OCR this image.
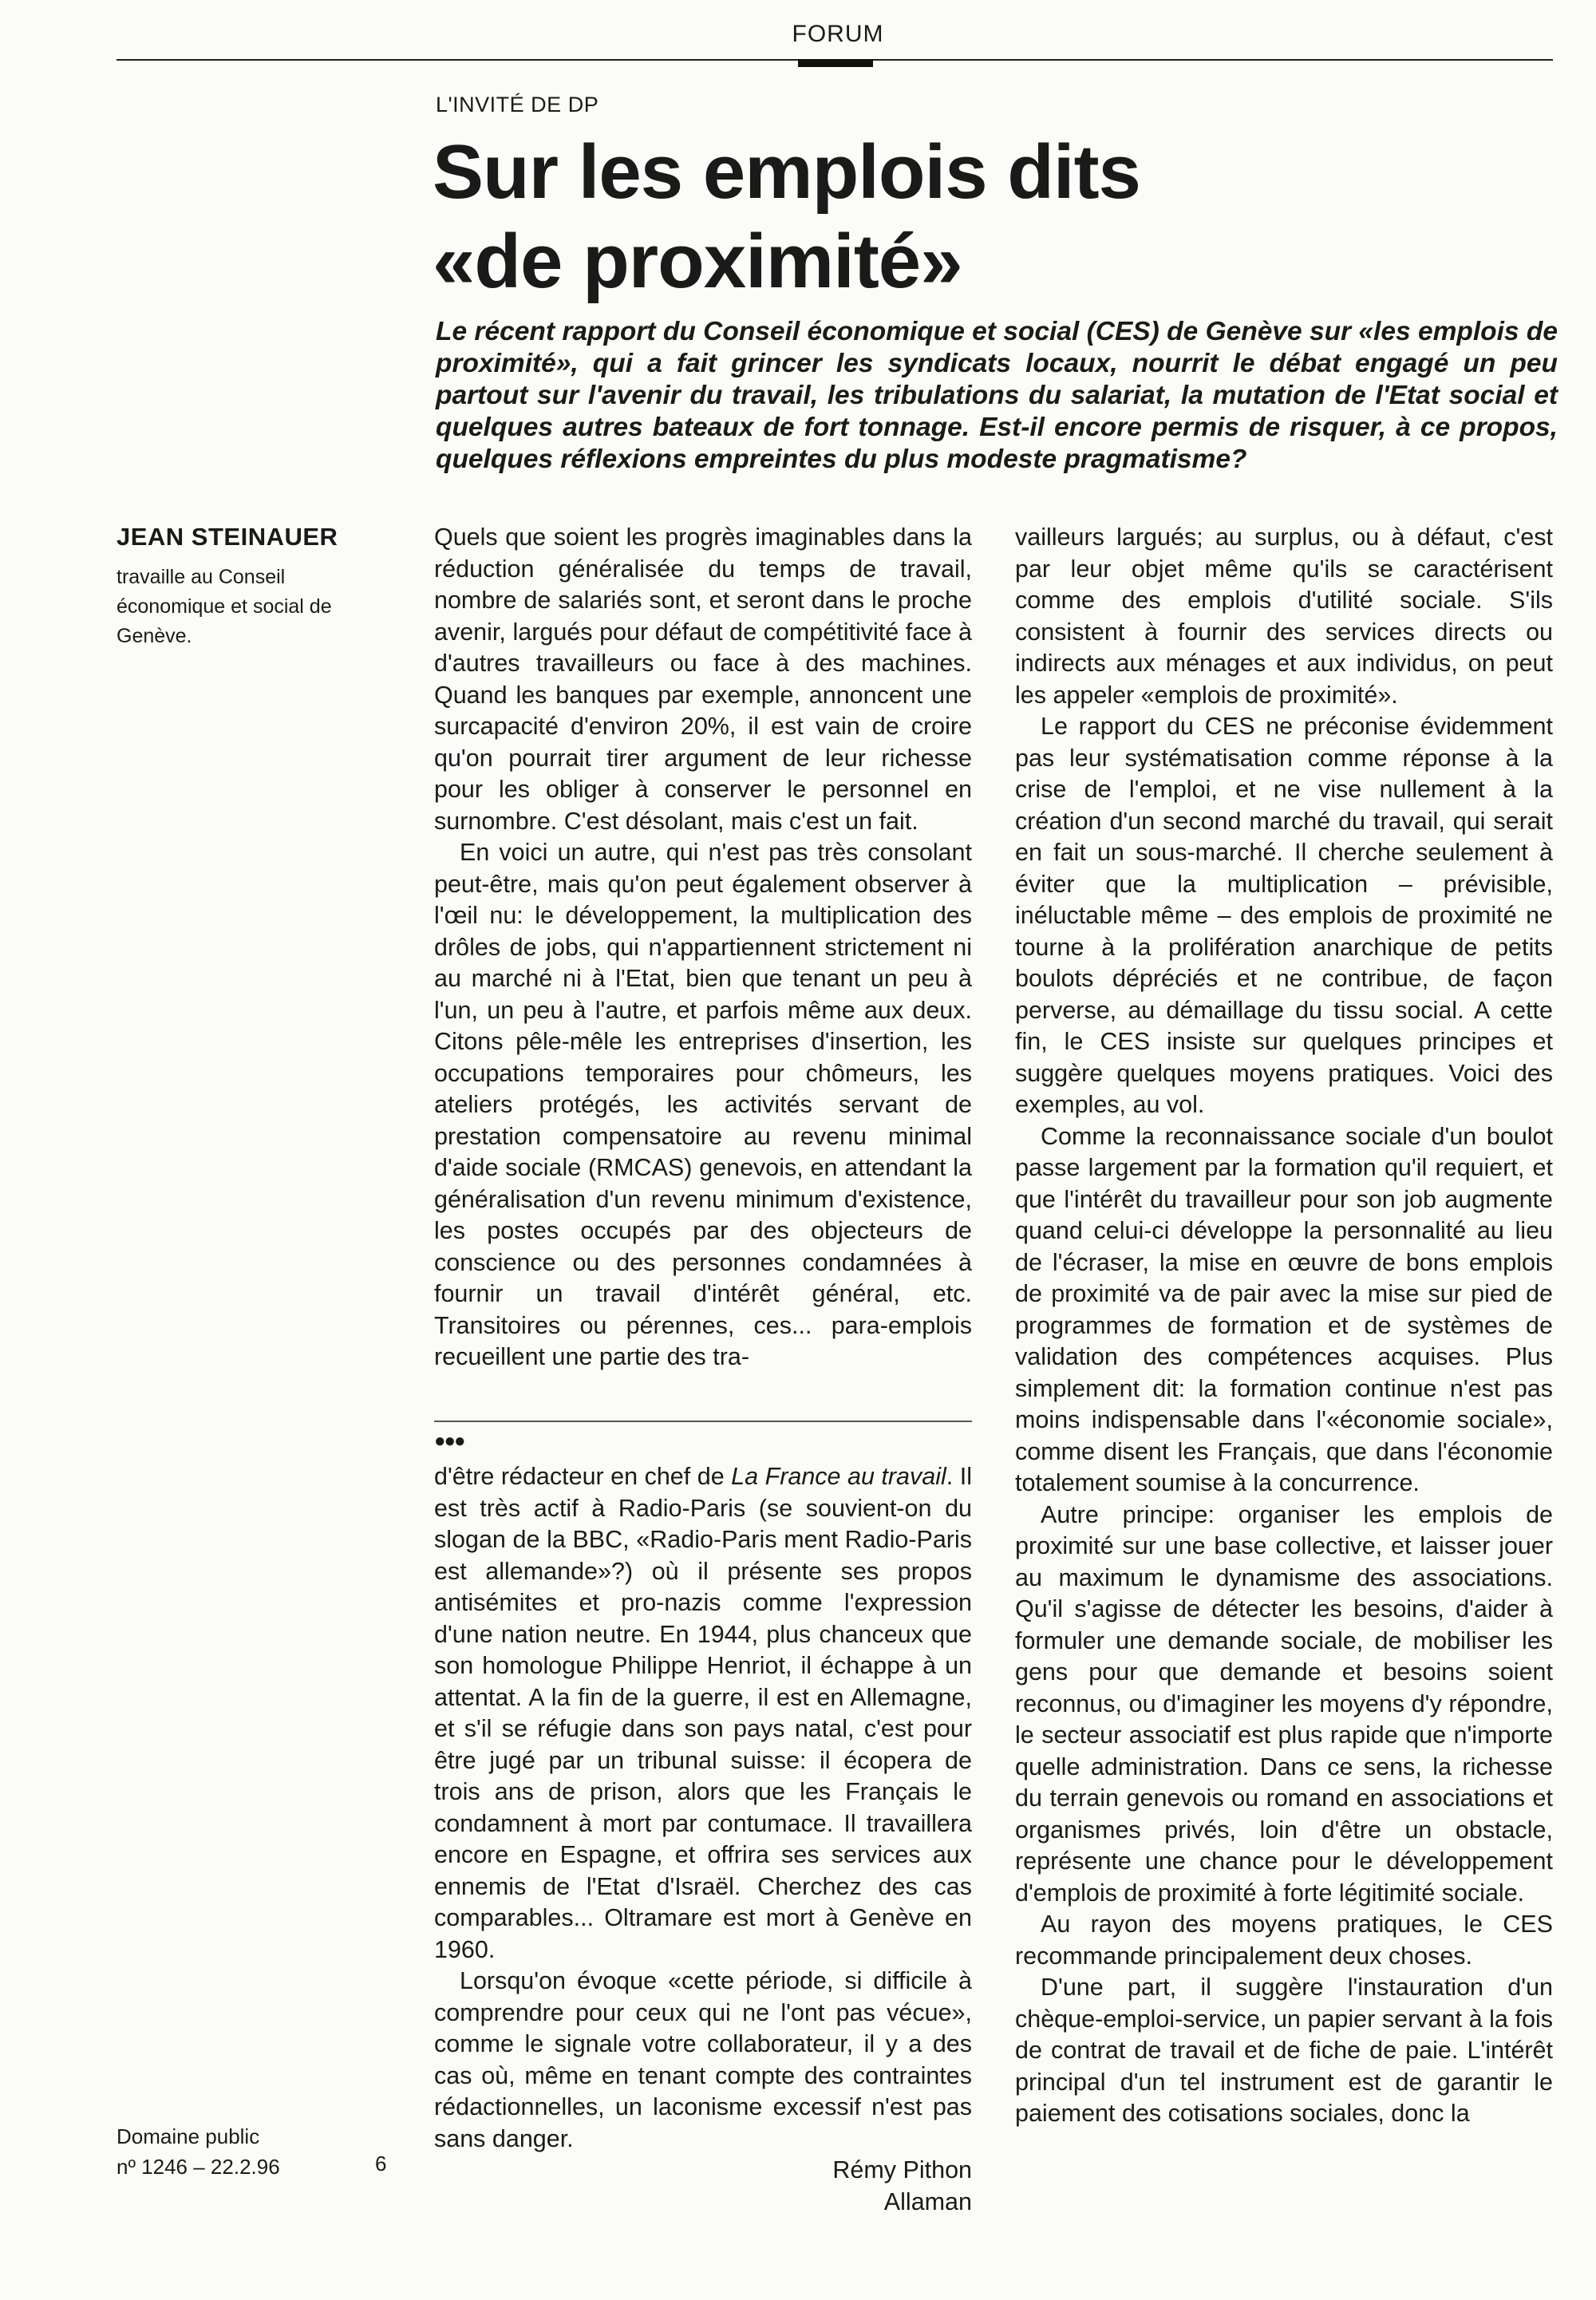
FORUM
L'INVITÉ DE DP
Sur les emplois dits
«de proximité»

Le récent rapport du Conseil économique et social (CES) de Genève sur «les emplois de proximité», qui a fait grincer les syndicats locaux, nourrit le débat engagé un peu partout sur l'avenir du travail, les tribulations du salariat, la mutation de l'Etat social et quelques autres bateaux de fort tonnage. Est-il encore permis de risquer, à ce propos, quelques réflexions empreintes du plus modeste pragmatisme?

JEAN STEINAUER
travaille au Conseil économique et social de Genève.

Quels que soient les progrès imaginables dans la réduction généralisée du temps de travail, nombre de salariés sont, et seront dans le proche avenir, largués pour défaut de compétitivité face à d'autres travailleurs ou face à des machines. Quand les banques par exemple, annoncent une surcapacité d'environ 20%, il est vain de croire qu'on pourrait tirer argument de leur richesse pour les obliger à conserver le personnel en surnombre. C'est désolant, mais c'est un fait.

En voici un autre, qui n'est pas très consolant peut-être, mais qu'on peut également observer à l'œil nu: le développement, la multiplication des drôles de jobs, qui n'appartiennent strictement ni au marché ni à l'Etat, bien que tenant un peu à l'un, un peu à l'autre, et parfois même aux deux. Citons pêle-mêle les entreprises d'insertion, les occupations temporaires pour chômeurs, les ateliers protégés, les activités servant de prestation compensatoire au revenu minimal d'aide sociale (RMCAS) genevois, en attendant la généralisation d'un revenu minimum d'existence, les postes occupés par des objecteurs de conscience ou des personnes condamnées à fournir un travail d'intérêt général, etc. Transitoires ou pérennes, ces... para-emplois recueillent une partie des tra-

●●●

d'être rédacteur en chef de La France au travail. Il est très actif à Radio-Paris (se souvient-on du slogan de la BBC, «Radio-Paris ment Radio-Paris est allemande»?) où il présente ses propos antisémites et pro-nazis comme l'expression d'une nation neutre. En 1944, plus chanceux que son homologue Philippe Henriot, il échappe à un attentat. A la fin de la guerre, il est en Allemagne, et s'il se réfugie dans son pays natal, c'est pour être jugé par un tribunal suisse: il écopera de trois ans de prison, alors que les Français le condamnent à mort par contumace. Il travaillera encore en Espagne, et offrira ses services aux ennemis de l'Etat d'Israël. Cherchez des cas comparables... Oltramare est mort à Genève en 1960.

Lorsqu'on évoque «cette période, si difficile à comprendre pour ceux qui ne l'ont pas vécue», comme le signale votre collaborateur, il y a des cas où, même en tenant compte des contraintes rédactionnelles, un laconisme excessif n'est pas sans danger.

Rémy Pithon
Allaman

vailleurs largués; au surplus, ou à défaut, c'est par leur objet même qu'ils se caractérisent comme des emplois d'utilité sociale. S'ils consistent à fournir des services directs ou indirects aux ménages et aux individus, on peut les appeler «emplois de proximité».

Le rapport du CES ne préconise évidemment pas leur systématisation comme réponse à la crise de l'emploi, et ne vise nullement à la création d'un second marché du travail, qui serait en fait un sous-marché. Il cherche seulement à éviter que la multiplication – prévisible, inéluctable même – des emplois de proximité ne tourne à la prolifération anarchique de petits boulots dépréciés et ne contribue, de façon perverse, au démaillage du tissu social. A cette fin, le CES insiste sur quelques principes et suggère quelques moyens pratiques. Voici des exemples, au vol.

Comme la reconnaissance sociale d'un boulot passe largement par la formation qu'il requiert, et que l'intérêt du travailleur pour son job augmente quand celui-ci développe la personnalité au lieu de l'écraser, la mise en œuvre de bons emplois de proximité va de pair avec la mise sur pied de programmes de formation et de systèmes de validation des compétences acquises. Plus simplement dit: la formation continue n'est pas moins indispensable dans l'«économie sociale», comme disent les Français, que dans l'économie totalement soumise à la concurrence.

Autre principe: organiser les emplois de proximité sur une base collective, et laisser jouer au maximum le dynamisme des associations. Qu'il s'agisse de détecter les besoins, d'aider à formuler une demande sociale, de mobiliser les gens pour que demande et besoins soient reconnus, ou d'imaginer les moyens d'y répondre, le secteur associatif est plus rapide que n'importe quelle administration. Dans ce sens, la richesse du terrain genevois ou romand en associations et organismes privés, loin d'être un obstacle, représente une chance pour le développement d'emplois de proximité à forte légitimité sociale.

Au rayon des moyens pratiques, le CES recommande principalement deux choses.

D'une part, il suggère l'instauration d'un chèque-emploi-service, un papier servant à la fois de contrat de travail et de fiche de paie. L'intérêt principal d'un tel instrument est de garantir le paiement des cotisations sociales, donc la

Domaine public
nº 1246 – 22.2.96	6
